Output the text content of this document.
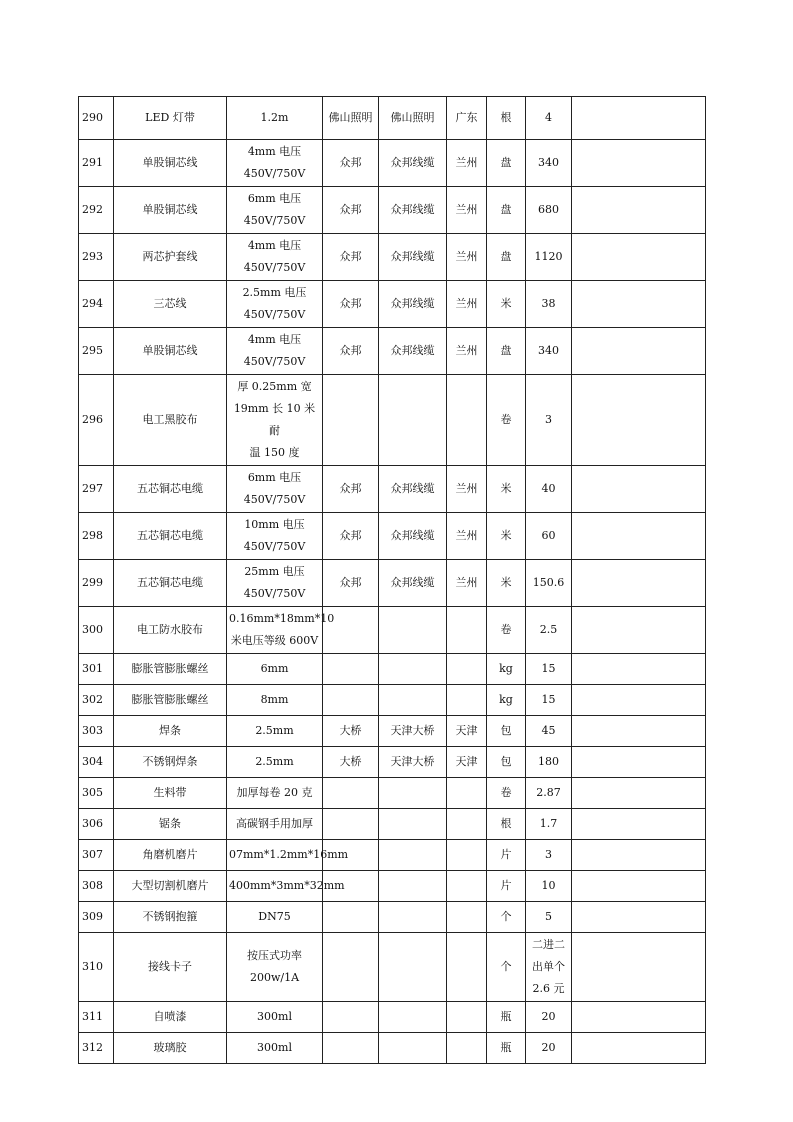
290	LED 灯带	1.2m	佛山照明	佛山照明	广东	根	4	
291	单股铜芯线	4mm 电压
450V/750V	众邦	众邦线缆	兰州	盘	340	
292	单股铜芯线	6mm 电压
450V/750V	众邦	众邦线缆	兰州	盘	680	
293	两芯护套线	4mm 电压
450V/750V	众邦	众邦线缆	兰州	盘	1120	
294	三芯线	2.5mm 电压
450V/750V	众邦	众邦线缆	兰州	米	38	
295	单股铜芯线	4mm 电压
450V/750V	众邦	众邦线缆	兰州	盘	340	
296	电工黑胶布	厚 0.25mm 宽
19mm 长 10 米 耐
温 150 度				卷	3	
297	五芯铜芯电缆	6mm 电压
450V/750V	众邦	众邦线缆	兰州	米	40	
298	五芯铜芯电缆	10mm 电压
450V/750V	众邦	众邦线缆	兰州	米	60	
299	五芯铜芯电缆	25mm 电压
450V/750V	众邦	众邦线缆	兰州	米	150.6	
300	电工防水胶布	0.16mm*18mm*10
米电压等级 600V				卷	2.5	
301	膨胀管膨胀螺丝	6mm				kg	15	
302	膨胀管膨胀螺丝	8mm				kg	15	
303	焊条	2.5mm	大桥	天津大桥	天津	包	45	
304	不锈钢焊条	2.5mm	大桥	天津大桥	天津	包	180	
305	生料带	加厚每卷 20 克				卷	2.87	
306	锯条	高碳钢手用加厚				根	1.7	
307	角磨机磨片	07mm*1.2mm*16mm				片	3	
308	大型切割机磨片	400mm*3mm*32mm				片	10	
309	不锈钢抱箍	DN75				个	5	
310	接线卡子	按压式功率
200w/1A				个	二进二
出单个
2.6 元	
311	自喷漆	300ml				瓶	20	
312	玻璃胶	300ml				瓶	20	
